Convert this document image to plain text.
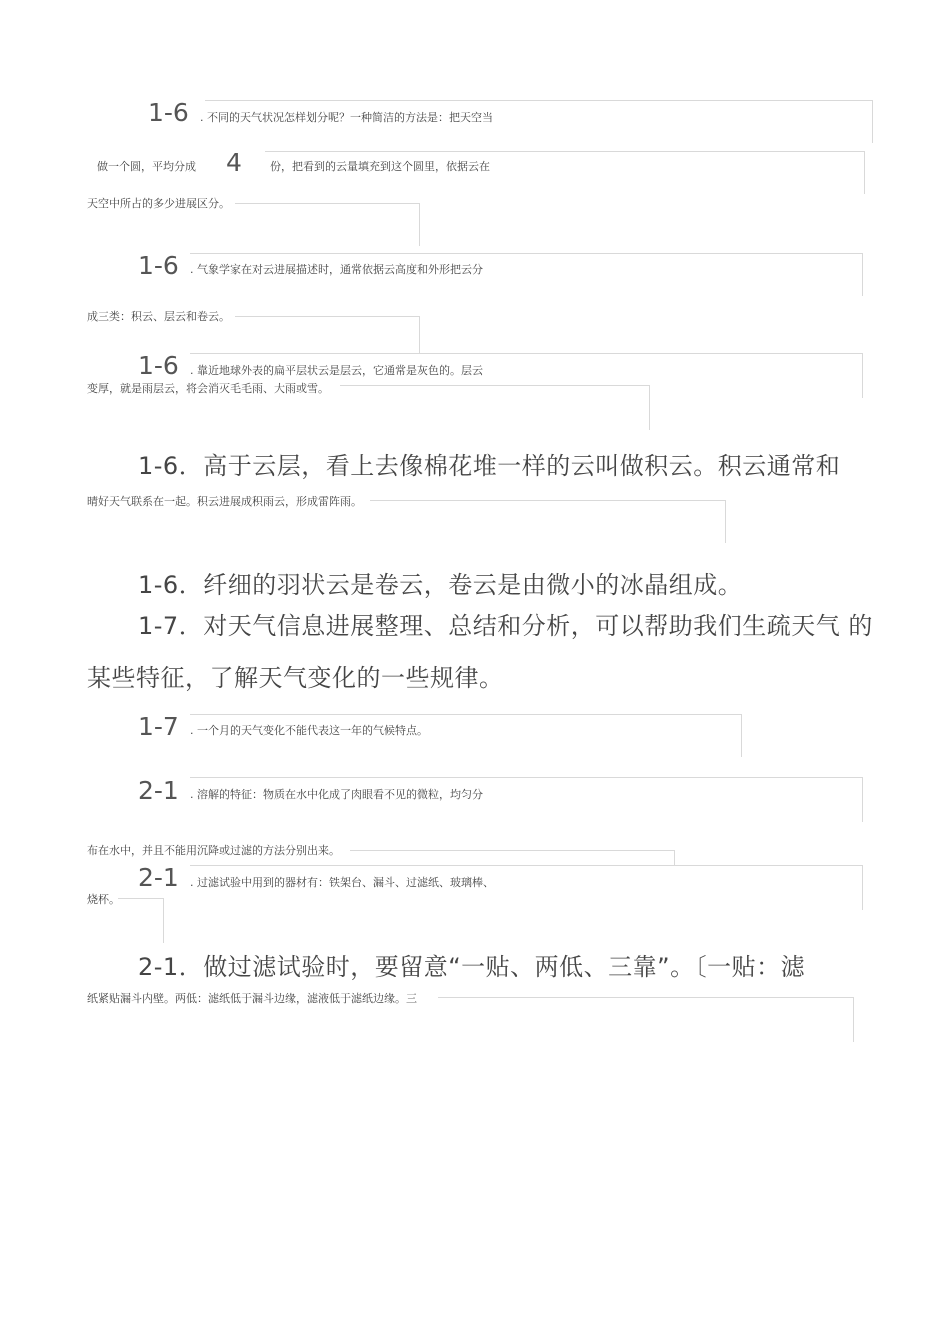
1-6 . 不同的天气状况怎样划分呢？一种简洁的方法是：把天空当
做一个圆，平均分成 4	份，把看到的云量填充到这个圆里，依据云在
天空中所占的多少进展区分。
1-6 . 气象学家在对云进展描述时，通常依据云高度和外形把云分
成三类：积云、层云和卷云。
1-6 . 靠近地球外表的扁平层状云是层云，它通常是灰色的。层云
变厚，就是雨层云，将会消灭毛毛雨、大雨或雪。
1-6．高于云层，看上去像棉花堆一样的云叫做积云。积云通常和
晴好天气联系在一起。积云进展成积雨云，形成雷阵雨。
1-6．纤细的羽状云是卷云，卷云是由微小的冰晶组成。
1-7．对天气信息进展整理、总结和分析，可以帮助我们生疏天气 的
某些特征，了解天气变化的一些规律。
1-7 . 一个月的天气变化不能代表这一年的气候特点。
2-1 . 溶解的特征：物质在水中化成了肉眼看不见的微粒，均匀分
布在水中，并且不能用沉降或过滤的方法分别出来。
2-1 . 过滤试验中用到的器材有：铁架台、漏斗、过滤纸、玻璃棒、
烧杯。
2-1．做过滤试验时，要留意“一贴、两低、三靠”。〔一贴：滤
纸紧贴漏斗内壁。两低：滤纸低于漏斗边缘，滤液低于滤纸边缘。三
